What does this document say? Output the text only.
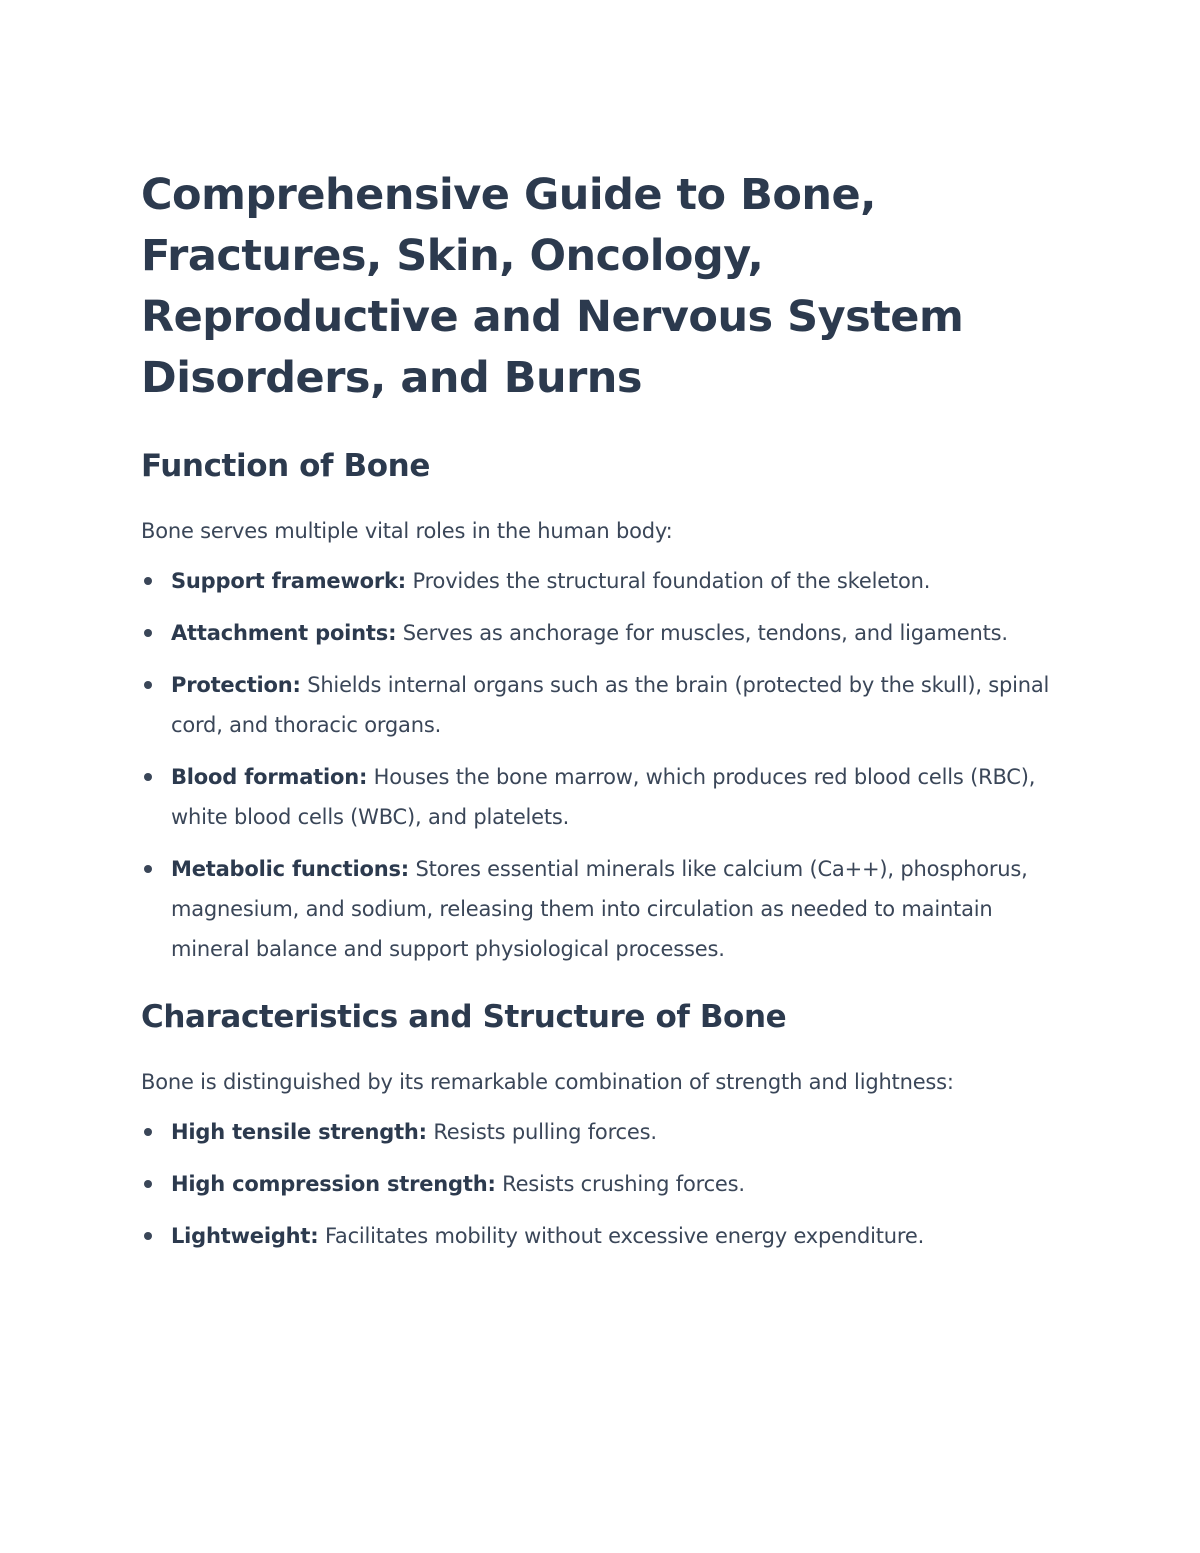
Comprehensive Guide to Bone, Fractures, Skin, Oncology, Reproductive and Nervous System Disorders, and Burns
Function of Bone

Bone serves multiple vital roles in the human body:

Support framework: Provides the structural foundation of the skeleton.
Attachment points: Serves as anchorage for muscles, tendons, and ligaments.
Protection: Shields internal organs such as the brain (protected by the skull), spinal cord, and thoracic organs.
Blood formation: Houses the bone marrow, which produces red blood cells (RBC), white blood cells (WBC), and platelets.
Metabolic functions: Stores essential minerals like calcium (Ca++), phosphorus, magnesium, and sodium, releasing them into circulation as needed to maintain mineral balance and support physiological processes.
Characteristics and Structure of Bone

Bone is distinguished by its remarkable combination of strength and lightness:

High tensile strength: Resists pulling forces.
High compression strength: Resists crushing forces.
Lightweight: Facilitates mobility without excessive energy expenditure.
